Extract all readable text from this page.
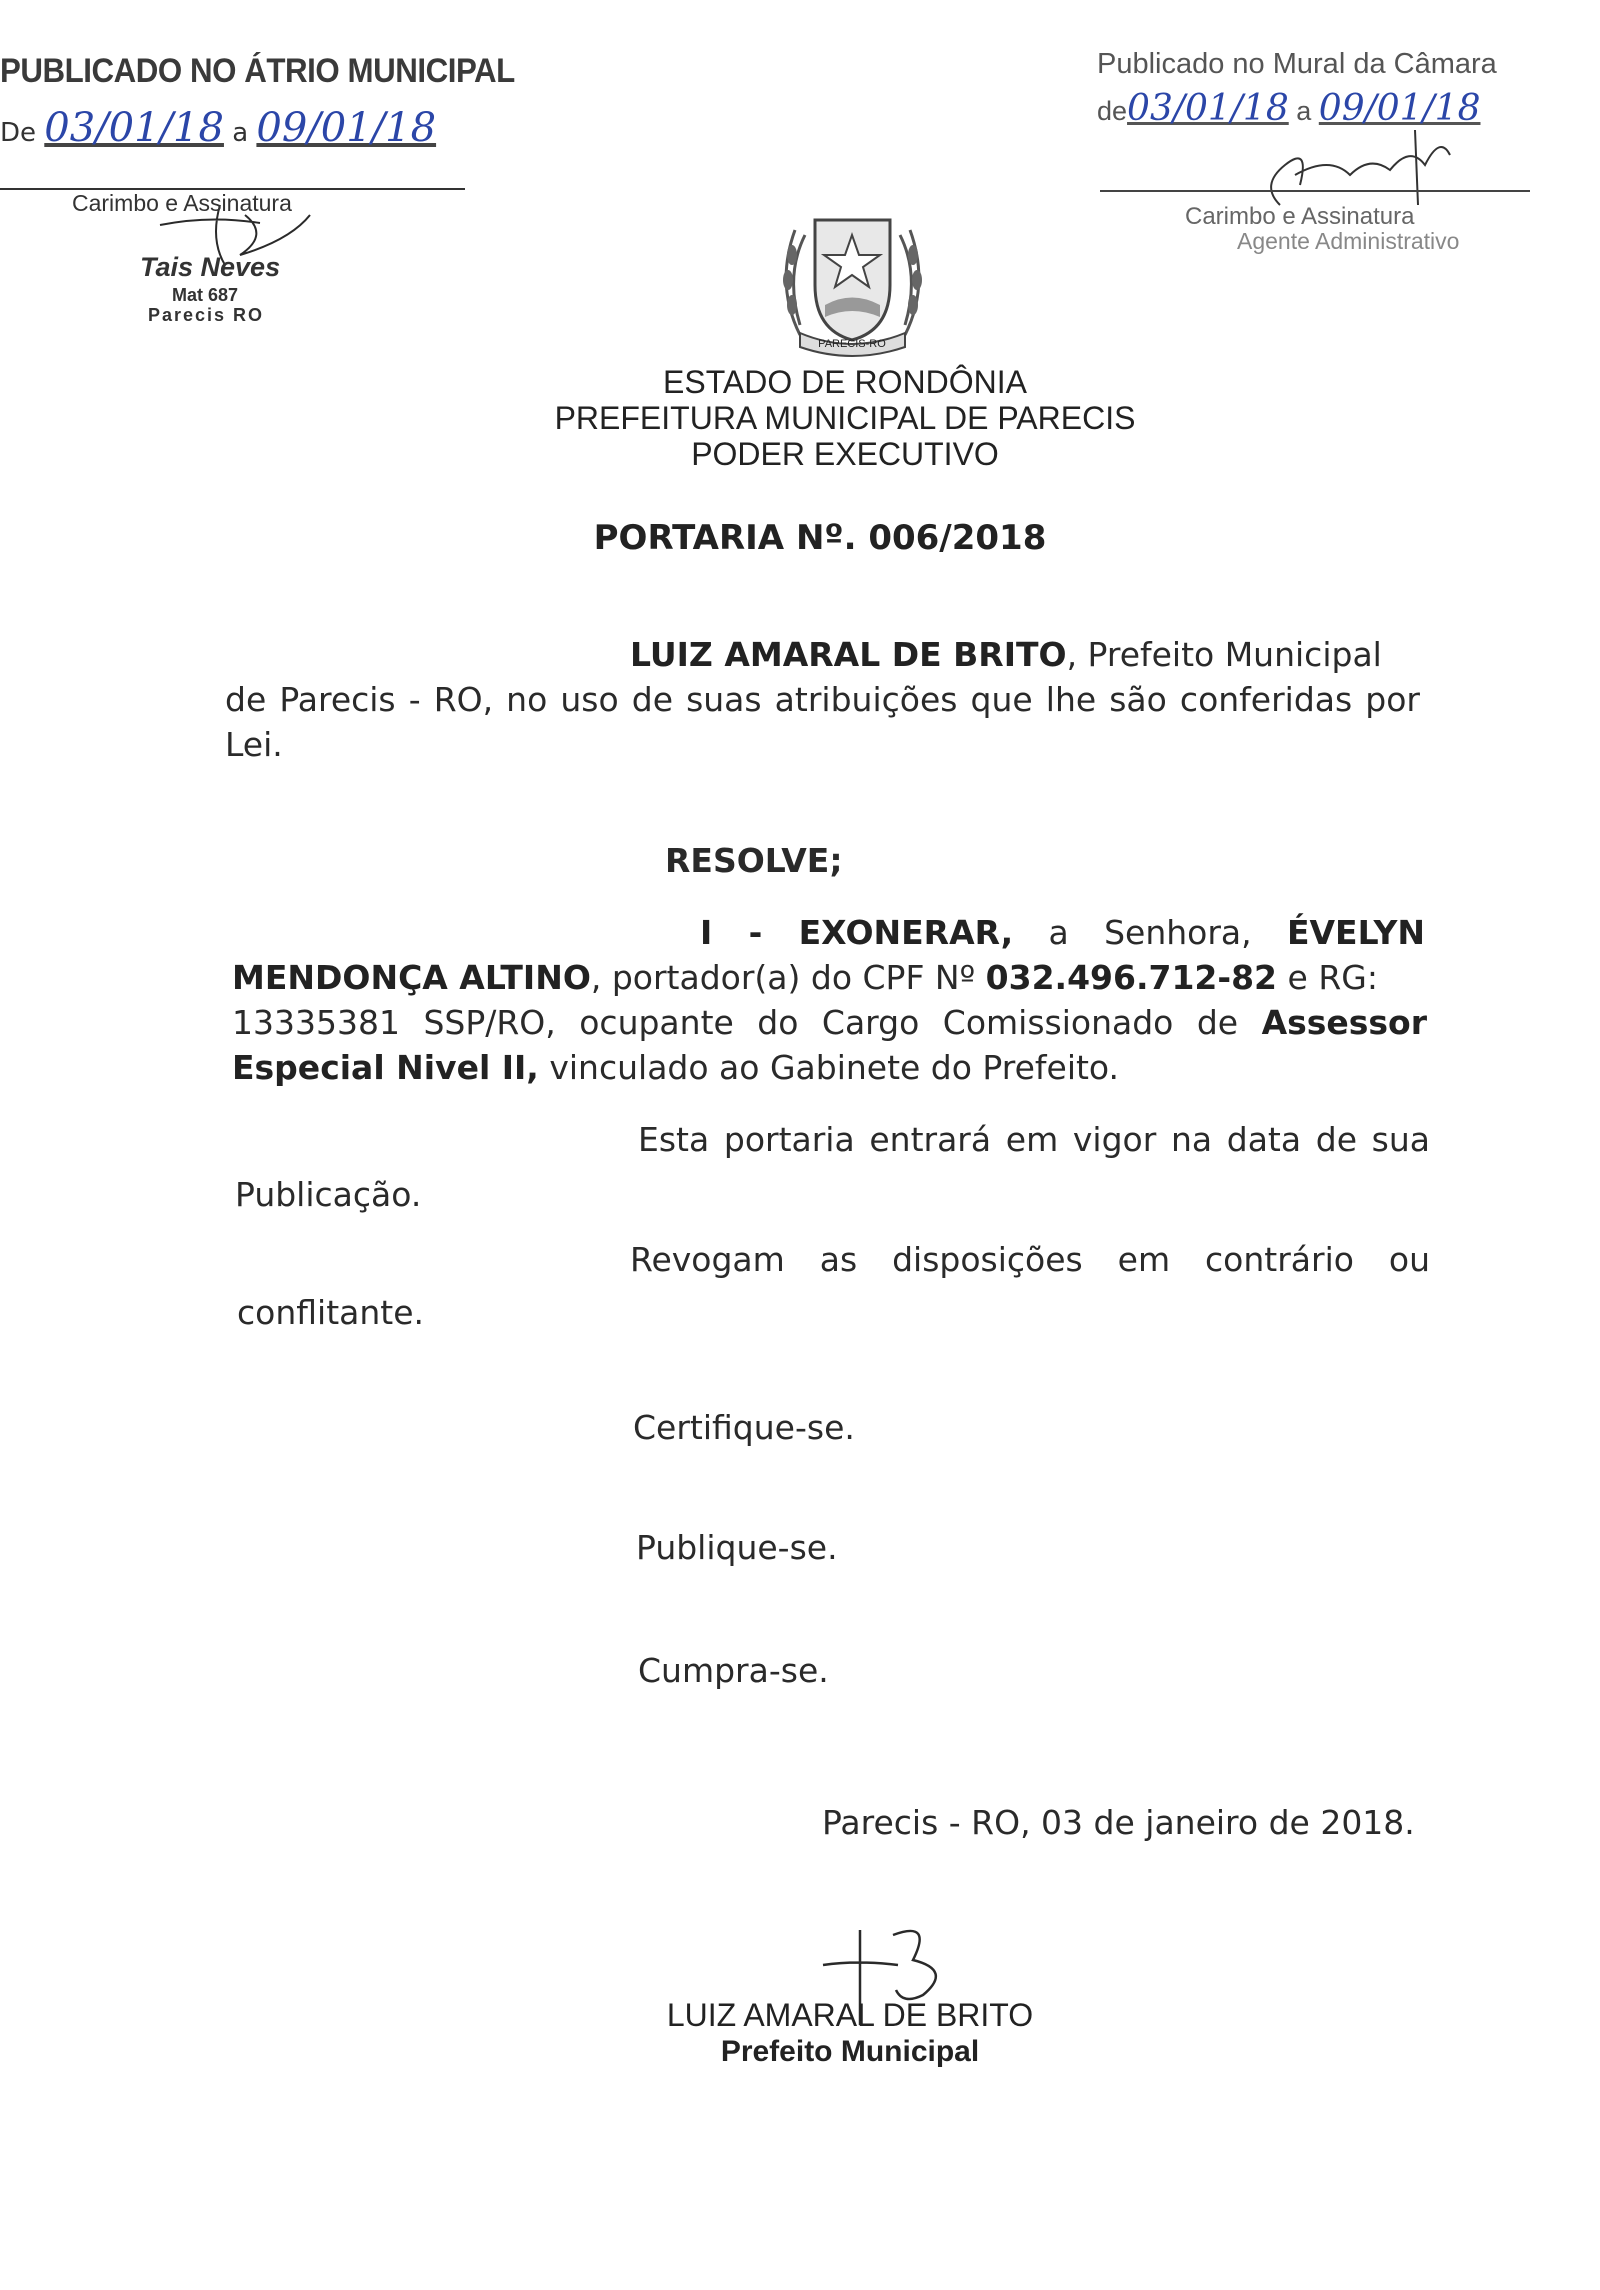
PUBLICADO NO ÁTRIO MUNICIPAL
De 03/01/18 a 09/01/18
Carimbo e Assinatura
Tais Neves
Mat 687
Parecis RO
Publicado no Mural da Câmara
de03/01/18 a 09/01/18
Carimbo e Assinatura
Agente Administrativo
PARECIS-RO
ESTADO DE RONDÔNIA
PREFEITURA MUNICIPAL DE PARECIS
PODER EXECUTIVO
PORTARIA Nº. 006/2018
LUIZ AMARAL DE BRITO, Prefeito Municipal
de Parecis - RO, no uso de suas atribuições que lhe são conferidas por
Lei.
RESOLVE;
I - EXONERAR, a Senhora, ÉVELYN
MENDONÇA ALTINO, portador(a) do CPF Nº 032.496.712-82 e RG:
13335381 SSP/RO, ocupante do Cargo Comissionado de Assessor
Especial Nivel II, vinculado ao Gabinete do Prefeito.
Esta portaria entrará em vigor na data de sua
Publicação.
Revogam as disposições em contrário ou
conflitante.
Certifique-se.
Publique-se.
Cumpra-se.
Parecis - RO, 03 de janeiro de 2018.
LUIZ AMARAL DE BRITO
Prefeito Municipal
